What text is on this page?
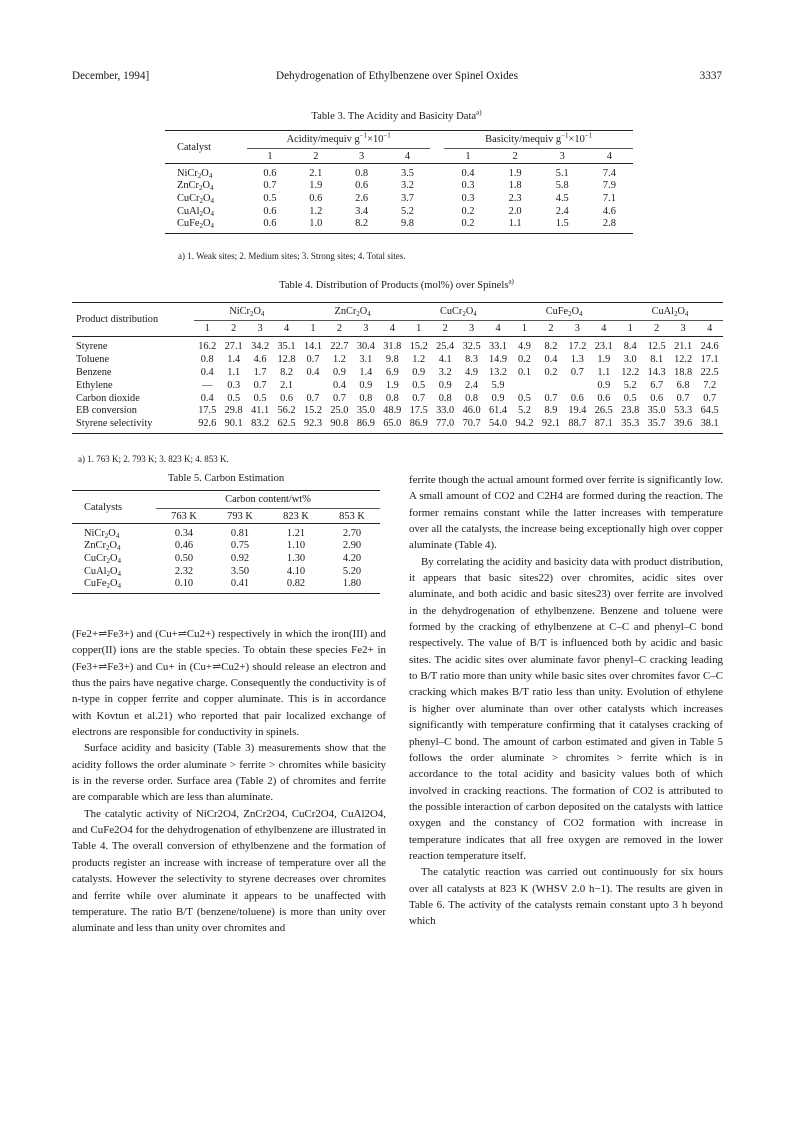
December, 1994]	Dehydrogenation of Ethylbenzene over Spinel Oxides	3337
Table 3. The Acidity and Basicity Data$^{a)}$
Catalyst	Acidity/mequiv $g^{-1}\times 10^{-1}$					Basicity/mequiv $g^{-1}\times 10^{-1}$
	1	2	3	4		1	2	3	4
$NiCr_2O_4$	0.6	2.1	0.8	3.5		0.4	1.9	5.1	7.4
$ZnCr_2O_4$	0.7	1.9	0.6	3.2		0.3	1.8	5.8	7.9
$CuCr_2O_4$	0.5	0.6	2.6	3.7		0.3	2.3	4.5	7.1
$CuAl_2O_4$	0.6	1.2	3.4	5.2		0.2	2.0	2.4	4.6
$CuFe_2O_4$	0.6	1.0	8.2	9.8		0.2	1.1	1.5	2.8
a) 1. Weak sites; 2. Medium sites; 3. Strong sites; 4. Total sites.
Table 4. Distribution of Products (mol%) over Spinels$^{a)}$
Product distribution	$NiCr_2O_4$				$ZnCr_2O_4$				$CuCr_2O_4$				$CuFe_2O_4$				$CuAl_2O_4$
	1	2	3	4	1	2	3	4	1	2	3	4	1	2	3	4	1	2	3	4
Styrene	16.2	27.1	34.2	35.1	14.1	22.7	30.4	31.8	15.2	25.4	32.5	33.1	4.9	8.2	17.2	23.1	8.4	12.5	21.1	24.6
Toluene	0.8	1.4	4.6	12.8	0.7	1.2	3.1	9.8	1.2	4.1	8.3	14.9	0.2	0.4	1.3	1.9	3.0	8.1	12.2	17.1
Benzene	0.4	1.1	1.7	8.2	0.4	0.9	1.4	6.9	0.9	3.2	4.9	13.2	0.1	0.2	0.7	1.1	12.2	14.3	18.8	22.5
Ethylene	—	0.3	0.7	2.1		0.4	0.9	1.9	0.5	0.9	2.4	5.9				0.9	5.2	6.7	6.8	7.2
Carbon dioxide	0.4	0.5	0.5	0.6	0.7	0.7	0.8	0.8	0.7	0.8	0.8	0.9	0.5	0.7	0.6	0.6	0.5	0.6	0.7	0.7
EB conversion	17.5	29.8	41.1	56.2	15.2	25.0	35.0	48.9	17.5	33.0	46.0	61.4	5.2	8.9	19.4	26.5	23.8	35.0	53.3	64.5
Styrene selectivity	92.6	90.1	83.2	62.5	92.3	90.8	86.9	65.0	86.9	77.0	70.7	54.0	94.2	92.1	88.7	87.1	35.3	35.7	39.6	38.1
a) 1. 763 K; 2. 793 K; 3. 823 K; 4. 853 K.
Table 5. Carbon Estimation
Catalysts	Carbon content/wt%			
	763 K	793 K	823 K	853 K
$NiCr_2O_4$	0.34	0.81	1.21	2.70
$ZnCr_2O_4$	0.46	0.75	1.10	2.90
$CuCr_2O_4$	0.50	0.92	1.30	4.20
$CuAl_2O_4$	2.32	3.50	4.10	5.20
$CuFe_2O_4$	0.10	0.41	0.82	1.80

(Fe2+⇌Fe3+) and (Cu+⇌Cu2+) respectively in which the iron(III) and copper(II) ions are the stable species. To obtain these species Fe2+ in (Fe3+⇌Fe3+) and Cu+ in (Cu+⇌Cu2+) should release an electron and thus the pairs have negative charge. Consequently the conductivity is of n-type in copper ferrite and copper aluminate. This is in accordance with Kovtun et al.21) who reported that pair localized exchange of electrons are responsible for conductivity in spinels.

Surface acidity and basicity (Table 3) measurements show that the acidity follows the order aluminate > ferrite > chromites while basicity is in the reverse order. Surface area (Table 2) of chromites and ferrite are comparable which are less than aluminate.

The catalytic activity of NiCr2O4, ZnCr2O4, CuCr2O4, CuAl2O4, and CuFe2O4 for the dehydrogenation of ethylbenzene are illustrated in Table 4. The overall conversion of ethylbenzene and the formation of products register an increase with increase of temperature over all the catalysts. However the selectivity to styrene decreases over chromites and ferrite while over aluminate it appears to be unaffected with temperature. The ratio B/T (benzene/toluene) is more than unity over aluminate and less than unity over chromites and

ferrite though the actual amount formed over ferrite is significantly low. A small amount of CO2 and C2H4 are formed during the reaction. The former remains constant while the latter increases with temperature over all the catalysts, the increase being exceptionally high over copper aluminate (Table 4).

By correlating the acidity and basicity data with product distribution, it appears that basic sites22) over chromites, acidic sites over aluminate, and both acidic and basic sites23) over ferrite are involved in the dehydrogenation of ethylbenzene. Benzene and toluene were formed by the cracking of ethylbenzene at C–C and phenyl–C bond respectively. The value of B/T is influenced both by acidic and basic sites. The acidic sites over aluminate favor phenyl–C cracking leading to B/T ratio more than unity while basic sites over chromites favor C–C cracking which makes B/T ratio less than unity. Evolution of ethylene is higher over aluminate than over other catalysts which increases significantly with temperature confirming that it catalyses cracking of phenyl–C bond. The amount of carbon estimated and given in Table 5 follows the order aluminate > chromites > ferrite which is in accordance to the total acidity and basicity values both of which involved in cracking reactions. The formation of CO2 is attributed to the possible interaction of carbon deposited on the catalysts with lattice oxygen and the constancy of CO2 formation with increase in temperature indicates that all free oxygen are removed in the lower reaction temperature itself.

The catalytic reaction was carried out continuously for six hours over all catalysts at 823 K (WHSV 2.0 h−1). The results are given in Table 6. The activity of the catalysts remain constant upto 3 h beyond which
